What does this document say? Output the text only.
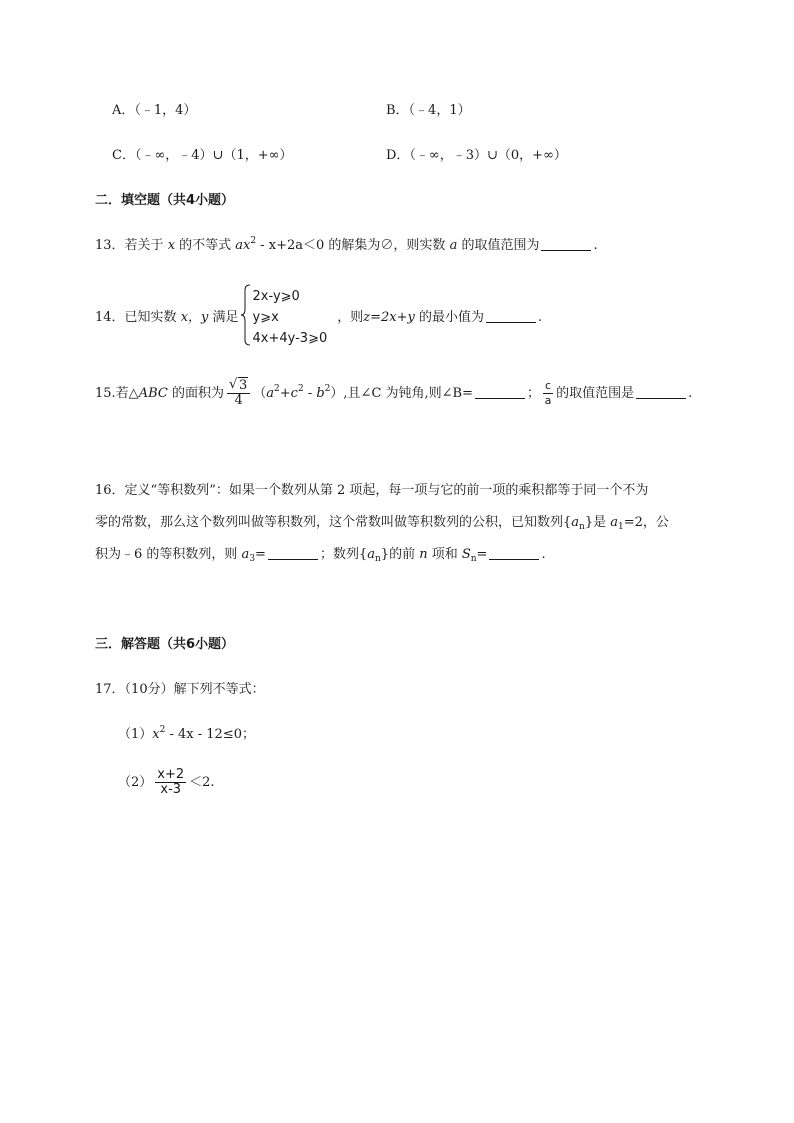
A．（﹣1，4）	B．（﹣4，1）
C．（﹣∞，﹣4）∪（1，+∞）	D．（﹣∞，﹣3）∪（0，+∞）
二．填空题（共4小题）
13．若关于 x 的不等式 $ax^2 - x+2a<0$ 的解集为∅，则实数 a 的取值范围为	.
14．已知实数 x，y 满足
2x-y⩾0
y⩾x
4x+4y-3⩾0
，则z=2x+y 的最小值为	.
15.若△ABC 的面积为 $\frac{√ 3}{4} (a^2+c^2 - b^2)$,且∠C 为钝角,则∠B=	； $\frac{c}{a}$ 的取值范围是	.
16．定义“等积数列”：如果一个数列从第 2 项起，每一项与它的前一项的乘积都等于同一个不为
零的常数，那么这个数列叫做等积数列，这个常数叫做等积数列的公积，已知数列$\{a_n\}$是 $a_1=2$，公
积为﹣6 的等积数列，则 $a_3=$	；数列$\{a_n\}$的前 n 项和 $S_n=$	.
三．解答题（共6小题）
17．（10分）解下列不等式：
$(1)x^2 - 4x - 12\le 0$；
$(2) \frac{x+2}{x-3} <2$.
